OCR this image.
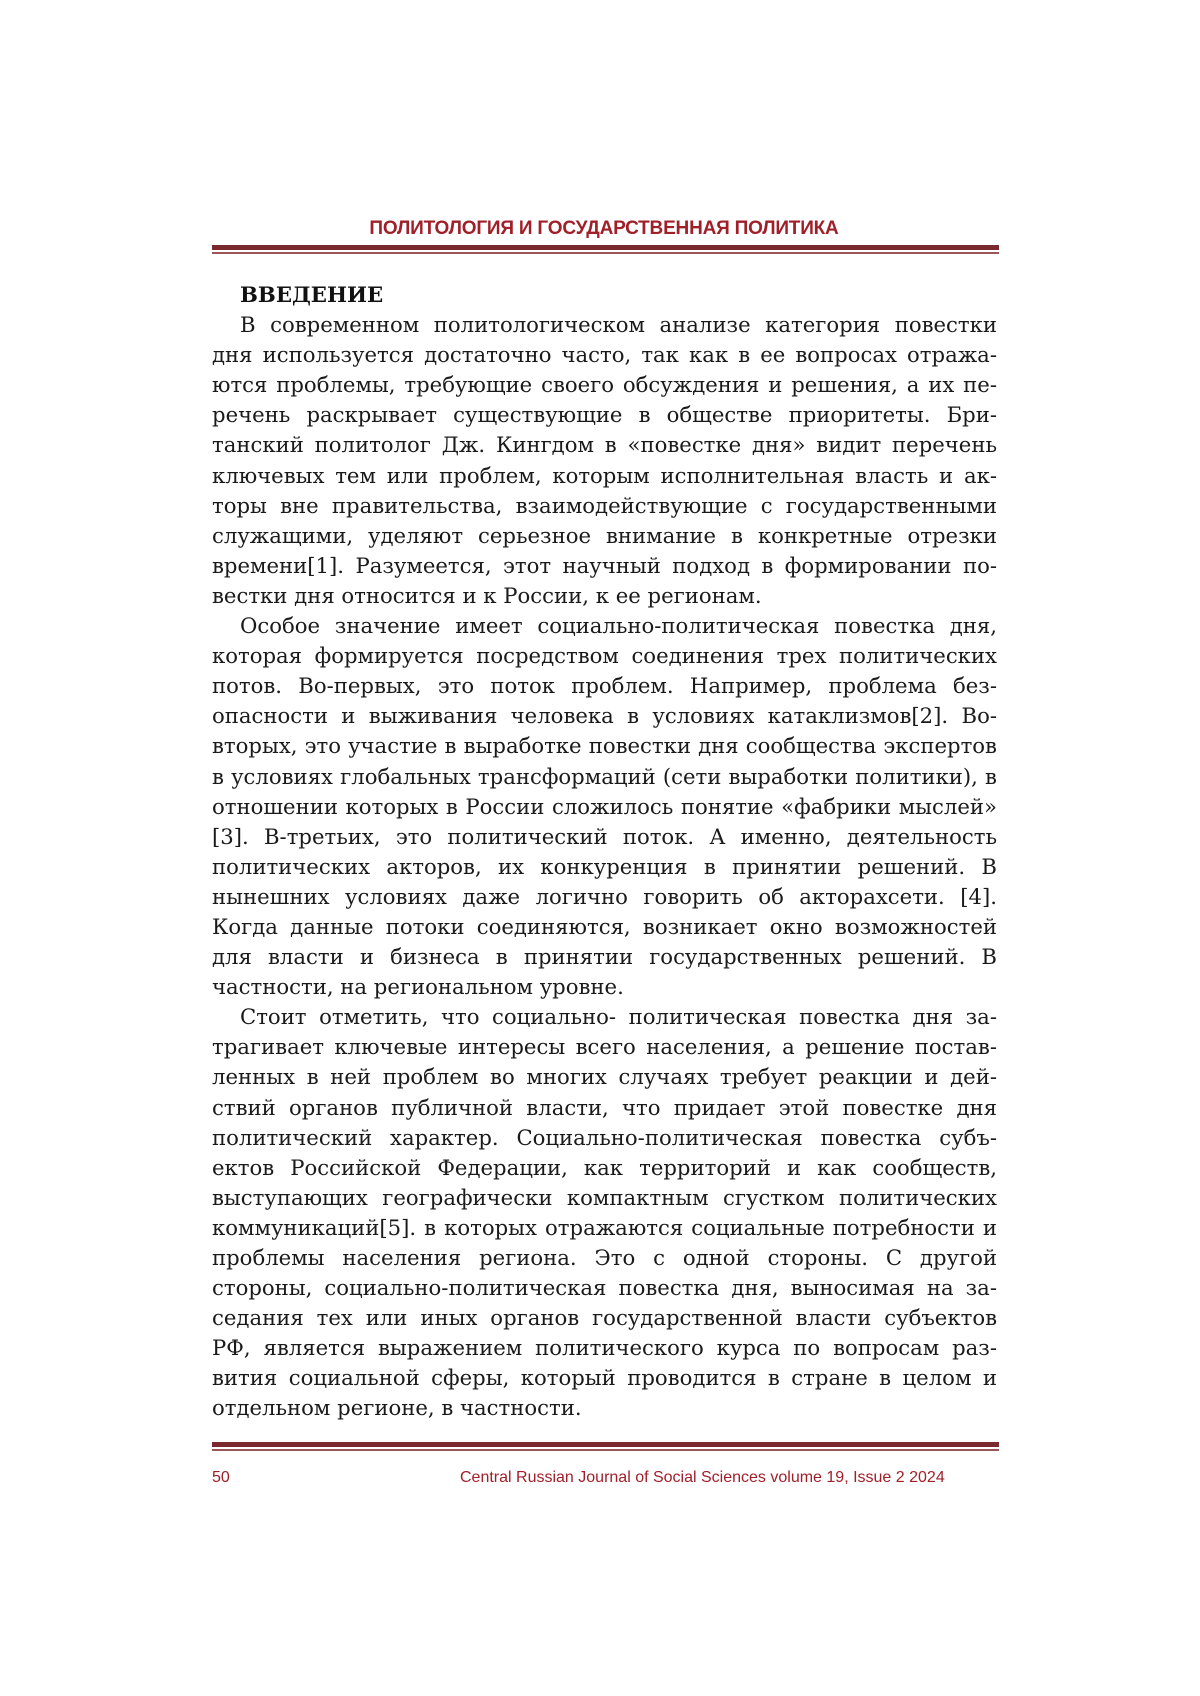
ПОЛИТОЛОГИЯ И ГОСУДАРСТВЕННАЯ ПОЛИТИКА
ВВЕДЕНИЕ

В современном политологическом анализе категория повестки дня используется достаточно часто, так как в ее вопросах отражаются проблемы, требующие своего обсуждения и решения, а их перечень раскрывает существующие в обществе приоритеты. Британский политолог Дж. Кингдом в «повестке дня» видит перечень ключевых тем или проблем, которым исполнительная власть и акторы вне правительства, взаимодействующие с государственными служащими, уделяют серьезное внимание в конкретные отрезки времени[1]. Разумеется, этот научный подход в формировании повестки дня относится и к России, к ее регионам.

Особое значение имеет социально-политическая повестка дня, которая формируется посредством соединения трех политических потов. Во-первых, это поток проблем. Например, проблема безопасности и выживания человека в условиях катаклизмов[2]. Вовторых, это участие в выработке повестки дня сообщества экспертов в условиях глобальных трансформаций (сети выработки политики), в отношении которых в России сложилось понятие «фабрики мыслей» [3]. В-третьих, это политический поток. А именно, деятельность политических акторов, их конкуренция в принятии решений. В нынешних условиях даже логично говорить об акторахсети. [4]. Когда данные потоки соединяются, возникает окно возможностей для власти и бизнеса в принятии государственных решений. В частности, на региональном уровне.

Стоит отметить, что социально- политическая повестка дня затрагивает ключевые интересы всего населения, а решение поставленных в ней проблем во многих случаях требует реакции и действий органов публичной власти, что придает этой повестке дня политический характер. Социально-политическая повестка субъектов Российской Федерации, как территорий и как сообществ, выступающих географически компактным сгустком политических коммуникаций[5]. в которых отражаются социальные потребности и проблемы населения региона. Это с одной стороны. С другой стороны, социально-политическая повестка дня, выносимая на заседания тех или иных органов государственной власти субъектов РФ, является выражением политического курса по вопросам развития социальной сферы, который проводится в стране в целом и отдельном регионе, в частности.

50	Central Russian Journal of Social Sciences volume 19, Issue 2 2024
